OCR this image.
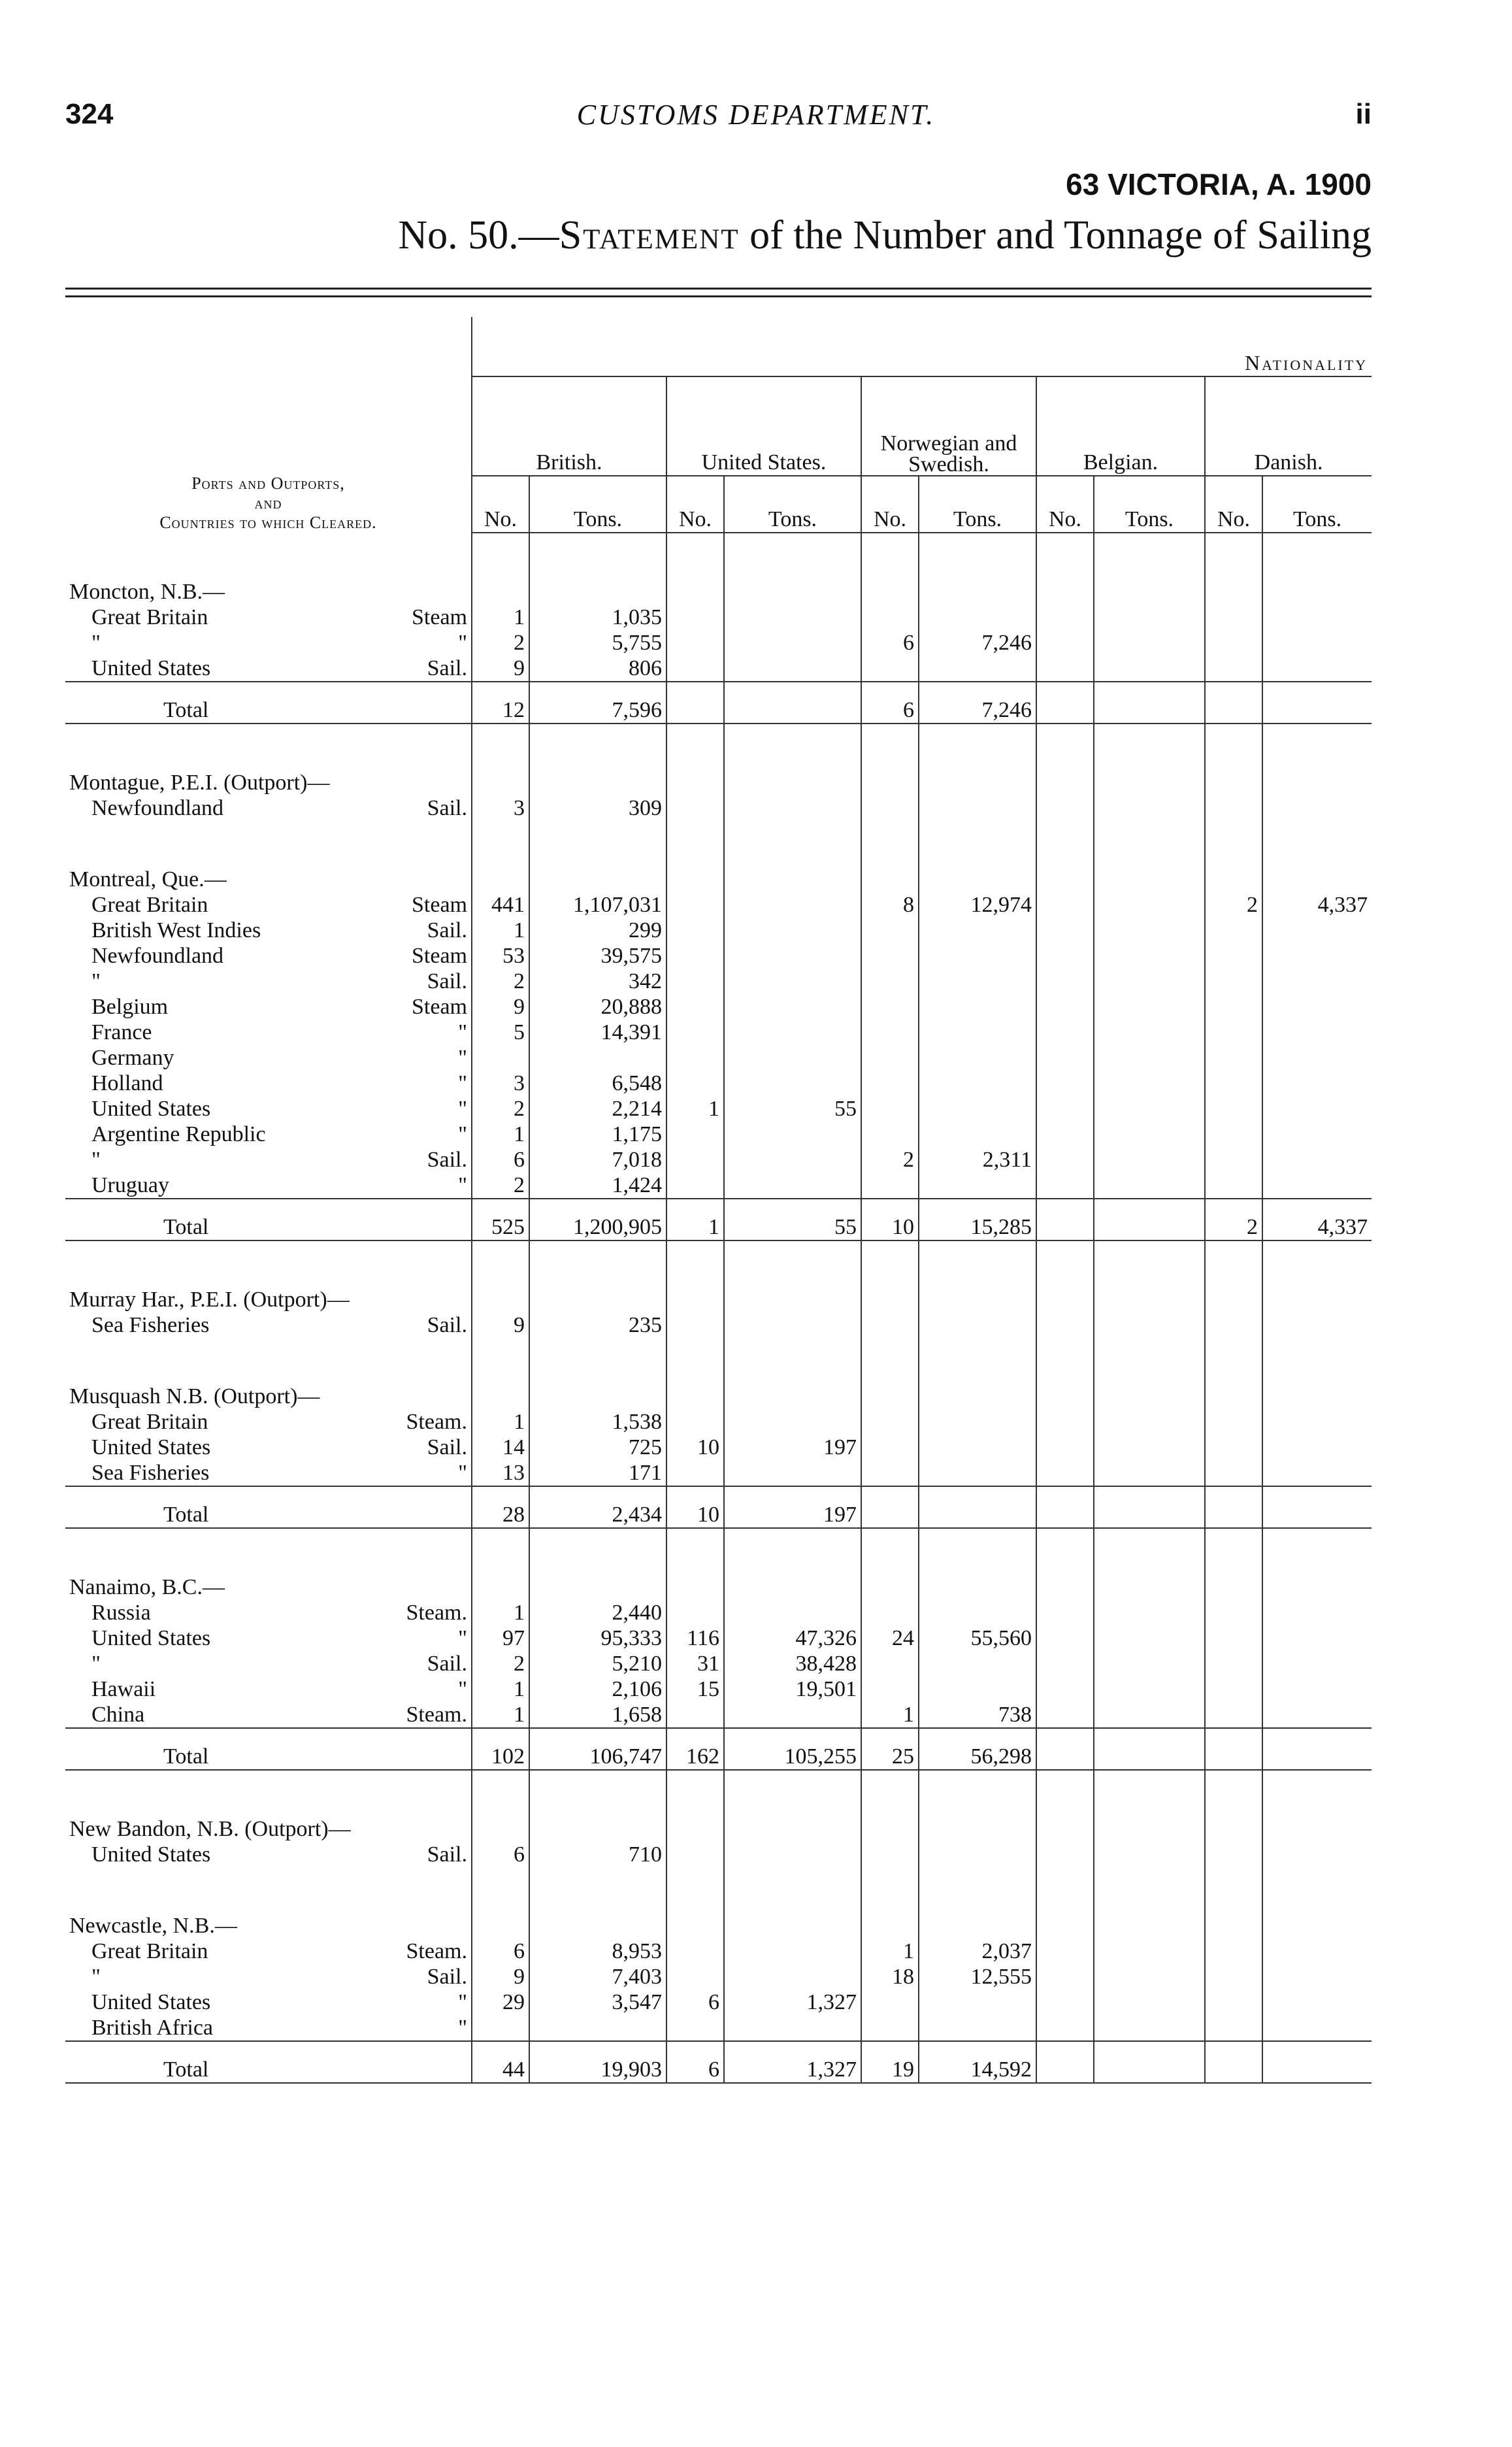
324	CUSTOMS DEPARTMENT.	ii
63 VICTORIA, A. 1900
No. 50.—Statement of the Number and Tonnage of Sailing
Ports and Outports,
and
Countries to which Cleared.	Nationality									
	British.		United States.		Norwegian and Swedish.		Belgian.		Danish.	
	No.	Tons.	No.	Tons.	No.	Tons.	No.	Tons.	No.	Tons.

Moncton, N.B.—										
Great Britain Steam	1	1,035								
" "	2	5,755			6	7,246				
United States Sail.	9	806								
Total	12	7,596			6	7,246				

Montague, P.E.I. (Outport)—										
Newfoundland Sail.	3	309								

Montreal, Que.—										
Great Britain Steam	441	1,107,031			8	12,974			2	4,337
British West Indies Sail.	1	299								
Newfoundland Steam	53	39,575								
" Sail.	2	342								
Belgium Steam	9	20,888								
France "	5	14,391								
Germany "										

Holland "	3	6,548								
United States "	2	2,214	1	55						
Argentine Republic "	1	1,175								
" Sail.	6	7,018			2	2,311				
Uruguay "	2	1,424								
Total	525	1,200,905	1	55	10	15,285			2	4,337

Murray Har., P.E.I. (Outport)—										
Sea Fisheries Sail.	9	235								

Musquash N.B. (Outport)—										
Great Britain Steam.	1	1,538								
United States Sail.	14	725	10	197						
Sea Fisheries "	13	171								
Total	28	2,434	10	197						

Nanaimo, B.C.—										
Russia Steam.	1	2,440								
United States "	97	95,333	116	47,326	24	55,560				
" Sail.	2	5,210	31	38,428						
Hawaii "	1	2,106	15	19,501						
China Steam.	1	1,658			1	738				
Total	102	106,747	162	105,255	25	56,298				

New Bandon, N.B. (Outport)—										
United States Sail.	6	710								

Newcastle, N.B.—										
Great Britain Steam.	6	8,953			1	2,037				
" Sail.	9	7,403			18	12,555				
United States "	29	3,547	6	1,327						
British Africa "										

Total	44	19,903	6	1,327	19	14,592				
